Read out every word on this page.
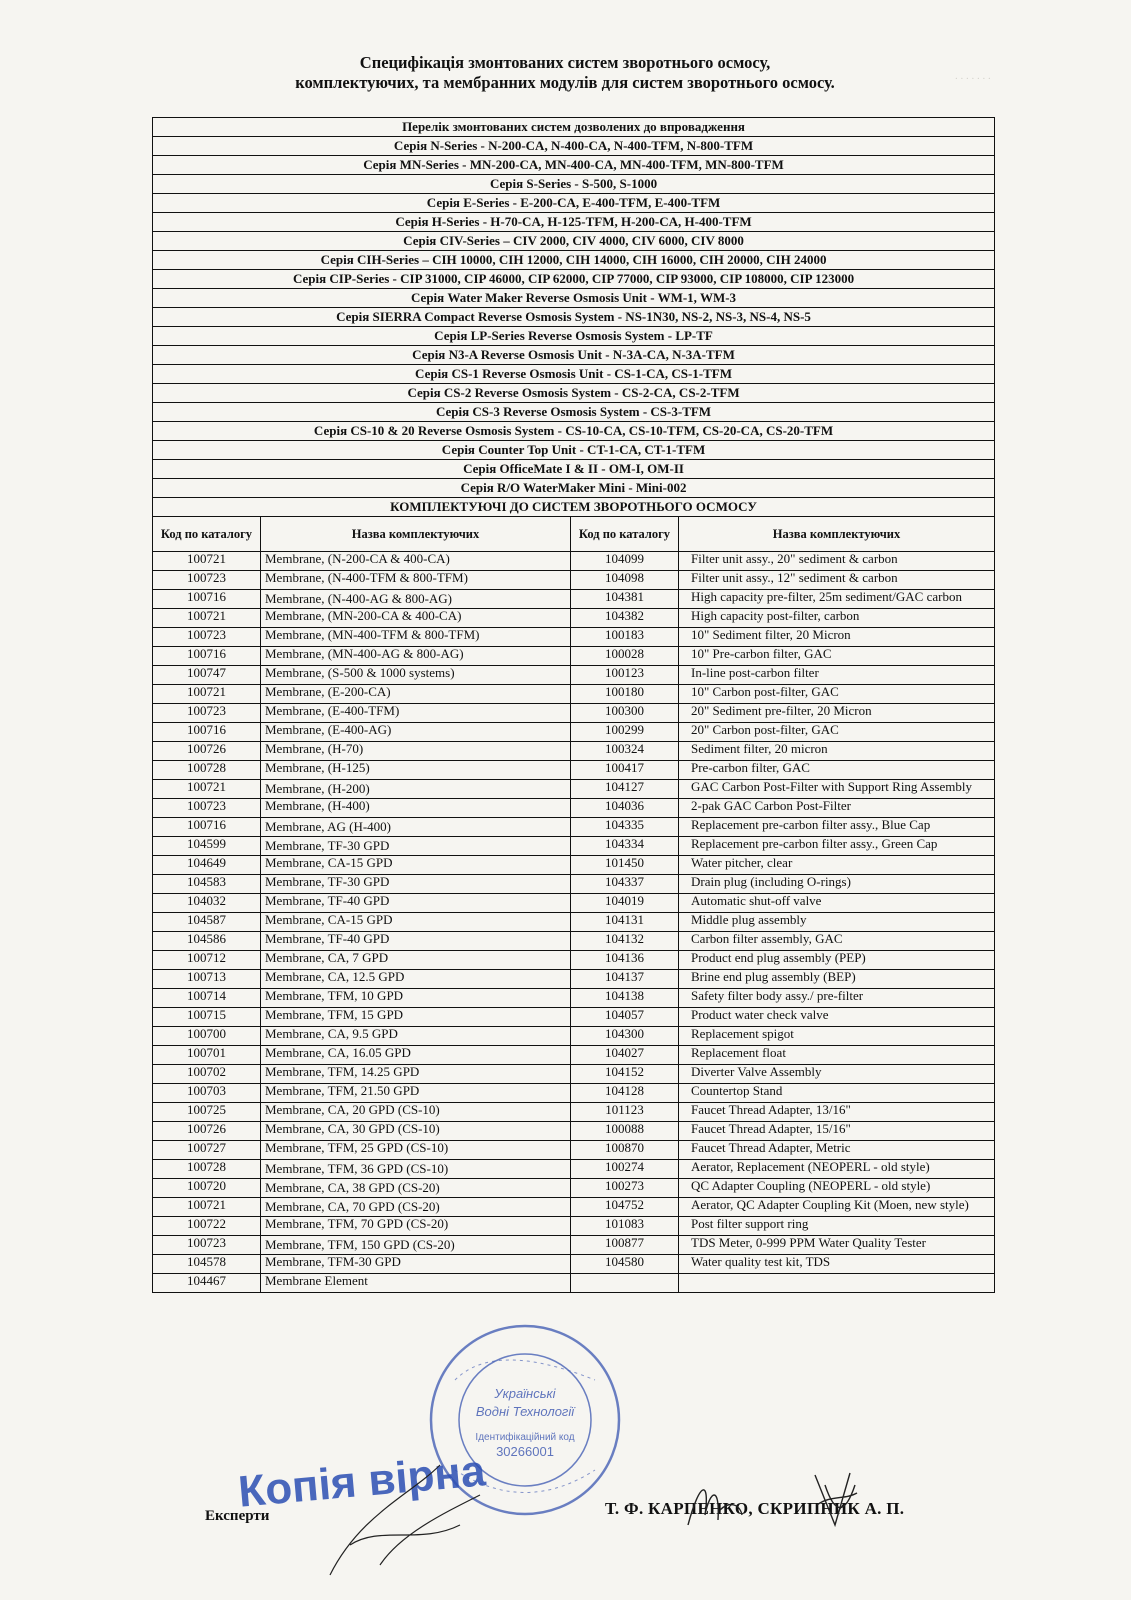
. . . . . . .
Специфікація змонтованих систем зворотнього осмосу,
комплектуючих, та мембранних модулів для систем зворотнього осмосу.
Перелік змонтованих систем дозволених до впровадження			
Серія N-Series - N-200-CA, N-400-CA, N-400-TFM, N-800-TFM			
Серія MN-Series - MN-200-CA, MN-400-CA, MN-400-TFM, MN-800-TFM			
Серія S-Series - S-500, S-1000			
Серія E-Series - E-200-CA, E-400-TFM, E-400-TFM			
Серія H-Series - H-70-CA, H-125-TFM, H-200-CA, H-400-TFM			
Серія CIV-Series – CIV 2000, CIV 4000, CIV 6000, CIV 8000			
Серія CIH-Series – CIH 10000, CIH 12000, CIH 14000, CIH 16000, CIH 20000, CIH 24000			
Серія CIP-Series - CIP 31000, CIP 46000, CIP 62000, CIP 77000, CIP 93000, CIP 108000, CIP 123000			
Серія Water Maker Reverse Osmosis Unit - WM-1, WM-3			
Серія SIERRA Compact Reverse Osmosis System - NS-1N30, NS-2, NS-3, NS-4, NS-5			
Серія LP-Series Reverse Osmosis System - LP-TF			
Серія N3-A Reverse Osmosis Unit - N-3A-CA, N-3A-TFM			
Серія CS-1 Reverse Osmosis Unit - CS-1-CA, CS-1-TFM			
Серія CS-2 Reverse Osmosis System - CS-2-CA, CS-2-TFM			
Серія CS-3 Reverse Osmosis System - CS-3-TFM			
Серія CS-10 & 20 Reverse Osmosis System - CS-10-CA, CS-10-TFM, CS-20-CA, CS-20-TFM			
Серія Counter Top Unit - CT-1-CA, CT-1-TFM			
Серія OfficeMate I & II - OM-I, OM-II			
Серія R/O WaterMaker Mini - Mini-002			
КОМПЛЕКТУЮЧІ ДО СИСТЕМ ЗВОРОТНЬОГО ОСМОСУ			
Код по каталогу	Назва комплектуючих	Код по каталогу	Назва комплектуючих
100721	Membrane, (N-200-CA & 400-CA)	104099	Filter unit assy., 20" sediment & carbon
100723	Membrane, (N-400-TFM & 800-TFM)	104098	Filter unit assy., 12" sediment & carbon
100716	Membrane, (N-400-AG & 800-AG)	104381	High capacity pre-filter, 25m sediment/GAC carbon
100721	Membrane, (MN-200-CA & 400-CA)	104382	High capacity post-filter, carbon
100723	Membrane, (MN-400-TFM & 800-TFM)	100183	10" Sediment filter, 20 Micron
100716	Membrane, (MN-400-AG & 800-AG)	100028	10" Pre-carbon filter, GAC
100747	Membrane, (S-500 & 1000 systems)	100123	In-line post-carbon filter
100721	Membrane, (E-200-CA)	100180	10" Carbon post-filter, GAC
100723	Membrane, (E-400-TFM)	100300	20" Sediment pre-filter, 20 Micron
100716	Membrane, (E-400-AG)	100299	20" Carbon post-filter, GAC
100726	Membrane, (H-70)	100324	Sediment filter, 20 micron
100728	Membrane, (H-125)	100417	Pre-carbon filter, GAC
100721	Membrane, (H-200)	104127	GAC Carbon Post-Filter with Support Ring Assembly
100723	Membrane, (H-400)	104036	2-pak GAC Carbon Post-Filter
100716	Membrane, AG (H-400)	104335	Replacement pre-carbon filter assy., Blue Cap
104599	Membrane, TF-30 GPD	104334	Replacement pre-carbon filter assy., Green Cap
104649	Membrane, CA-15 GPD	101450	Water pitcher, clear
104583	Membrane, TF-30 GPD	104337	Drain plug (including O-rings)
104032	Membrane, TF-40 GPD	104019	Automatic shut-off valve
104587	Membrane, CA-15 GPD	104131	Middle plug assembly
104586	Membrane, TF-40 GPD	104132	Carbon filter assembly, GAC
100712	Membrane, CA, 7 GPD	104136	Product end plug assembly (PEP)
100713	Membrane, CA, 12.5 GPD	104137	Brine end plug assembly (BEP)
100714	Membrane, TFM, 10 GPD	104138	Safety filter body assy./ pre-filter
100715	Membrane, TFM, 15 GPD	104057	Product water check valve
100700	Membrane, CA, 9.5 GPD	104300	Replacement spigot
100701	Membrane, CA, 16.05 GPD	104027	Replacement float
100702	Membrane, TFM, 14.25 GPD	104152	Diverter Valve Assembly
100703	Membrane, TFM, 21.50 GPD	104128	Countertop Stand
100725	Membrane, CA, 20 GPD (CS-10)	101123	Faucet Thread Adapter, 13/16"
100726	Membrane, CA, 30 GPD (CS-10)	100088	Faucet Thread Adapter, 15/16"
100727	Membrane, TFM, 25 GPD (CS-10)	100870	Faucet Thread Adapter, Metric
100728	Membrane, TFM, 36 GPD (CS-10)	100274	Aerator, Replacement (NEOPERL - old style)
100720	Membrane, CA, 38 GPD (CS-20)	100273	QC Adapter Coupling (NEOPERL - old style)
100721	Membrane, CA, 70 GPD (CS-20)	104752	Aerator, QC Adapter Coupling Kit (Moen, new style)
100722	Membrane, TFM, 70 GPD (CS-20)	101083	Post filter support ring
100723	Membrane, TFM, 150 GPD (CS-20)	100877	TDS Meter, 0-999 PPM Water Quality Tester
104578	Membrane, TFM-30 GPD	104580	Water quality test kit, TDS
104467	Membrane Element		
Українські
Водні Технології
Ідентифікаційний код
30266001
Копія вірна
Експерти	Т. Ф. КАРПЕНКО, СКРИПНИК А. П.
